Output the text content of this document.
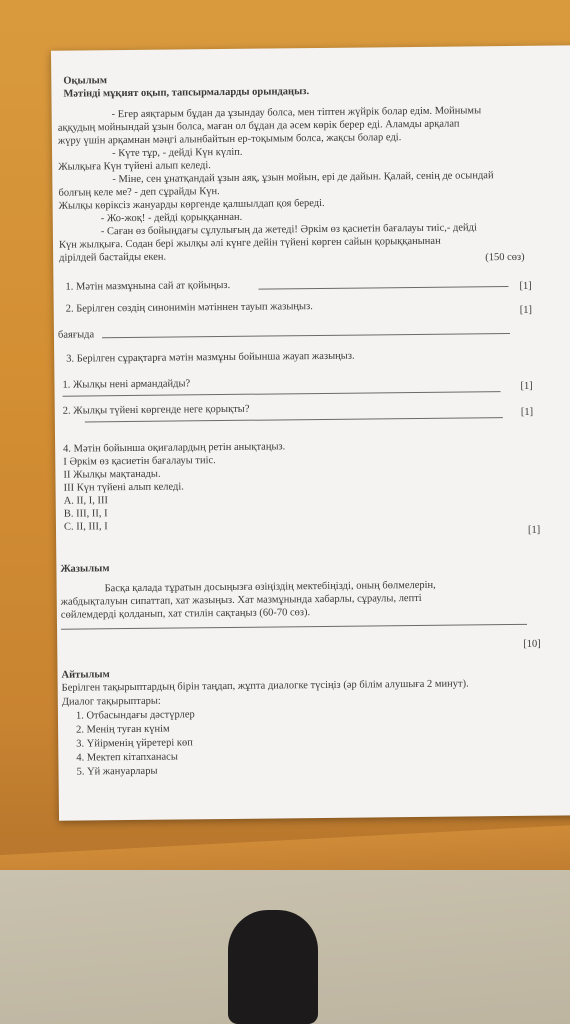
Оқылым
Мәтінді мұқият оқып, тапсырмаларды орындаңыз.
- Егер аяқтарым бұдан да ұзындау болса, мен тіптен жүйрік болар едім. Мойнымы
аққудың мойнындай ұзын болса, маған ол бұдан да әсем көрік берер еді. Аламды арқалап
жүру үшін арқамнан мәңгі алынбайтын ер-тоқымым болса, жақсы болар еді.
- Күте тұр, - дейді Күн күліп.
Жылқыға Күн түйені алып келеді.
- Міне, сен ұнатқандай ұзын аяқ, ұзын мойын, ері де дайын. Қалай, сенің де осындай
болғың келе ме? - деп сұрайды Күн.
Жылқы көріксіз жануарды көргенде қалшылдап қоя береді.
- Жо-жоқ! - дейді қорыққаннан.
- Саған өз бойыңдағы сұлулығың да жетеді! Әркім өз қасиетін бағалауы тиіс,- дейді
Күн жылқыға. Содан бері жылқы әлі күнге дейін түйені көрген сайын қорыққанынан
дірілдей бастайды екен.	(150 сөз)
1. Мәтін мазмұнына сай ат қойыңыз.	[1]
2. Берілген сөздің синонимін мәтіннен тауып жазыңыз.	[1]
баяғыда
3. Берілген сұрақтарға мәтін мазмұны бойынша жауап жазыңыз.
1. Жылқы нені армандайды?	[1]
2. Жылқы түйені көргенде неге қорықты?	[1]
4. Мәтін бойынша оқиғалардың ретін анықтаңыз.
І Әркім өз қасиетін бағалауы тиіс.
ІІ Жылқы мақтанады.
ІІІ Күн түйені алып келеді.
А. ІІ, І, ІІІ
В. ІІІ, ІІ, І
С. ІІ, ІІІ, І	[1]
Жазылым
Басқа қалада тұратын досыңызға өзіңіздің мектебіңізді, оның бөлмелерін,
жабдықталуын сипаттап, хат жазыңыз. Хат мазмұнында хабарлы, сұраулы, лепті
сөйлемдерді қолданып, хат стилін сақтаңыз (60-70 сөз).
[10]
Айтылым
Берілген тақырыптардың бірін таңдап, жұпта диалогке түсіңіз (әр білім алушыға 2 минут).
Диалог тақырыптары:
1. Отбасындағы дәстүрлер
2. Менің туған күнім
3. Үйірменің үйретері көп
4. Мектеп кітапханасы
5. Үй жануарлары
